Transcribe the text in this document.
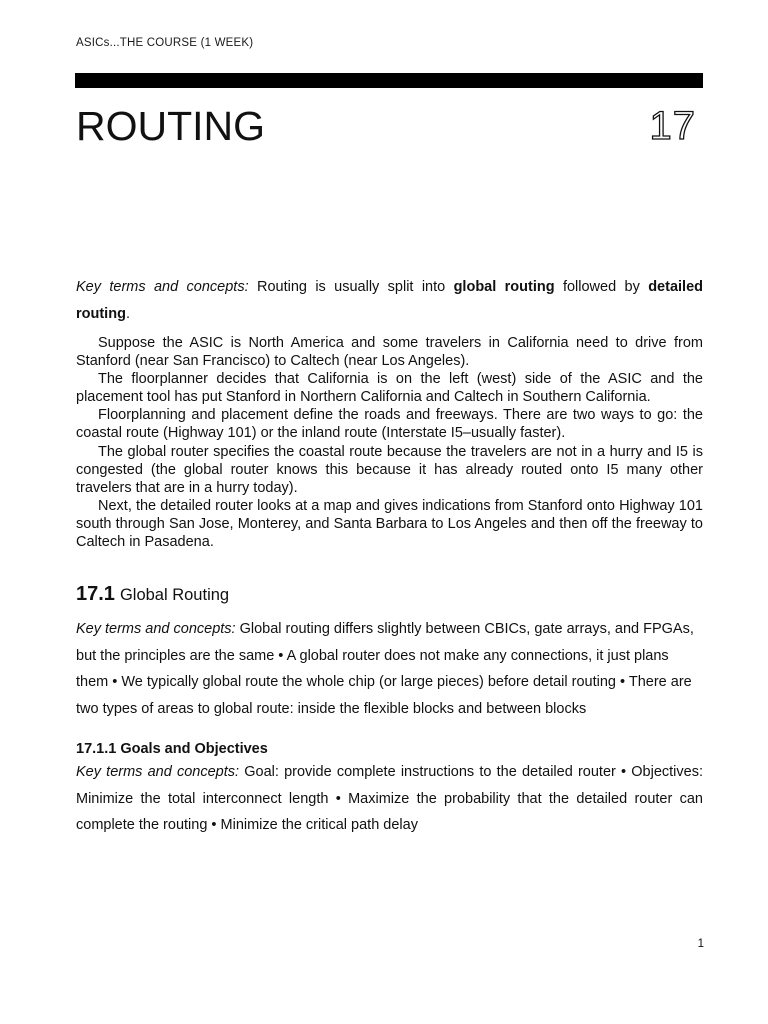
ASICs...THE COURSE (1 WEEK)
ROUTING	17

Key terms and concepts: Routing is usually split into global routing followed by detailed routing.

Suppose the ASIC is North America and some travelers in California need to drive from Stanford (near San Francisco) to Caltech (near Los Angeles).

The floorplanner decides that California is on the left (west) side of the ASIC and the placement tool has put Stanford in Northern California and Caltech in Southern California.

Floorplanning and placement define the roads and freeways. There are two ways to go: the coastal route (Highway 101) or the inland route (Interstate I5–usually faster).

The global router specifies the coastal route because the travelers are not in a hurry and I5 is congested (the global router knows this because it has already routed onto I5 many other travelers that are in a hurry today).

Next, the detailed router looks at a map and gives indications from Stanford onto Highway 101 south through San Jose, Monterey, and Santa Barbara to Los Angeles and then off the freeway to Caltech in Pasadena.

17.1 Global Routing

Key terms and concepts: Global routing differs slightly between CBICs, gate arrays, and FPGAs, but the principles are the same • A global router does not make any connections, it just plans them • We typically global route the whole chip (or large pieces) before detail routing • There are two types of areas to global route: inside the flexible blocks and between blocks

17.1.1 Goals and Objectives

Key terms and concepts: Goal: provide complete instructions to the detailed router • Objectives: Minimize the total interconnect length • Maximize the probability that the detailed router can complete the routing • Minimize the critical path delay

1
